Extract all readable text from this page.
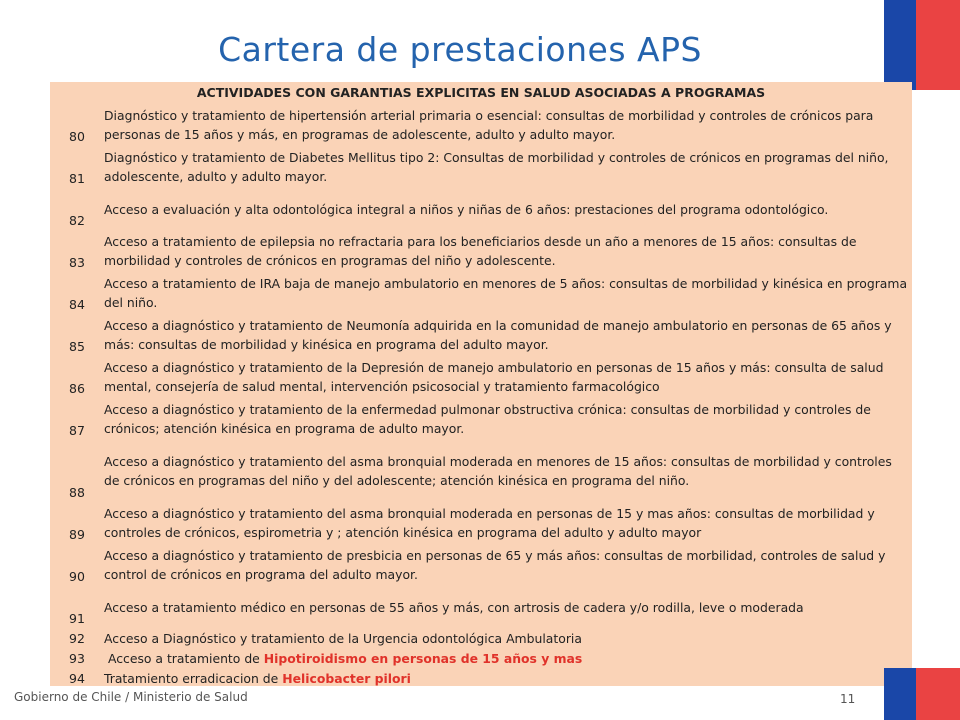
Cartera de prestaciones APS
ACTIVIDADES CON GARANTIAS EXPLICITAS EN SALUD ASOCIADAS A PROGRAMAS
80
Diagnóstico y tratamiento de hipertensión arterial primaria o esencial: consultas de morbilidad y controles de crónicos para personas de 15 años y más, en programas de adolescente, adulto y adulto mayor.
81
Diagnóstico y tratamiento de Diabetes Mellitus tipo 2: Consultas de morbilidad y controles de crónicos en programas del niño, adolescente, adulto y adulto mayor.
82
Acceso a evaluación y alta odontológica integral a niños y niñas de 6 años: prestaciones del programa odontológico.
83
Acceso a tratamiento de epilepsia no refractaria para los beneficiarios desde un año a menores de 15 años: consultas de morbilidad y controles de crónicos en programas del niño y adolescente.
84
Acceso a tratamiento de IRA baja de manejo ambulatorio en menores de 5 años: consultas de morbilidad y kinésica en programa del niño.
85
Acceso a diagnóstico y tratamiento de Neumonía adquirida en la comunidad de manejo ambulatorio en personas de 65 años y más: consultas de morbilidad y kinésica en programa del adulto mayor.
86
Acceso a diagnóstico y tratamiento de la Depresión de manejo ambulatorio en personas de 15 años y más: consulta de salud mental, consejería de salud mental, intervención psicosocial y tratamiento farmacológico
87
Acceso a diagnóstico y tratamiento de la enfermedad pulmonar obstructiva crónica: consultas de morbilidad y controles de crónicos; atención kinésica en programa de adulto mayor.
88
Acceso a diagnóstico y tratamiento del asma bronquial moderada en menores de 15 años: consultas de morbilidad y controles de crónicos en programas del niño y del adolescente; atención kinésica en programa del niño.
89
Acceso a diagnóstico y tratamiento del asma bronquial moderada en personas de 15 y mas años: consultas de morbilidad y controles de crónicos, espirometria y ; atención kinésica en programa del adulto y adulto mayor
90
Acceso a diagnóstico y tratamiento de presbicia en personas de 65 y más años: consultas de morbilidad, controles de salud y control de crónicos en programa del adulto mayor.
91
Acceso a tratamiento médico en personas de 55 años y más, con artrosis de cadera y/o rodilla, leve o moderada
92	Acceso a Diagnóstico y tratamiento de la Urgencia odontológica Ambulatoria
93	Acceso a tratamiento de Hipotiroidismo en personas de 15 años y mas
94	Tratamiento erradicacion de Helicobacter pilori
Gobierno de Chile / Ministerio de Salud	11
